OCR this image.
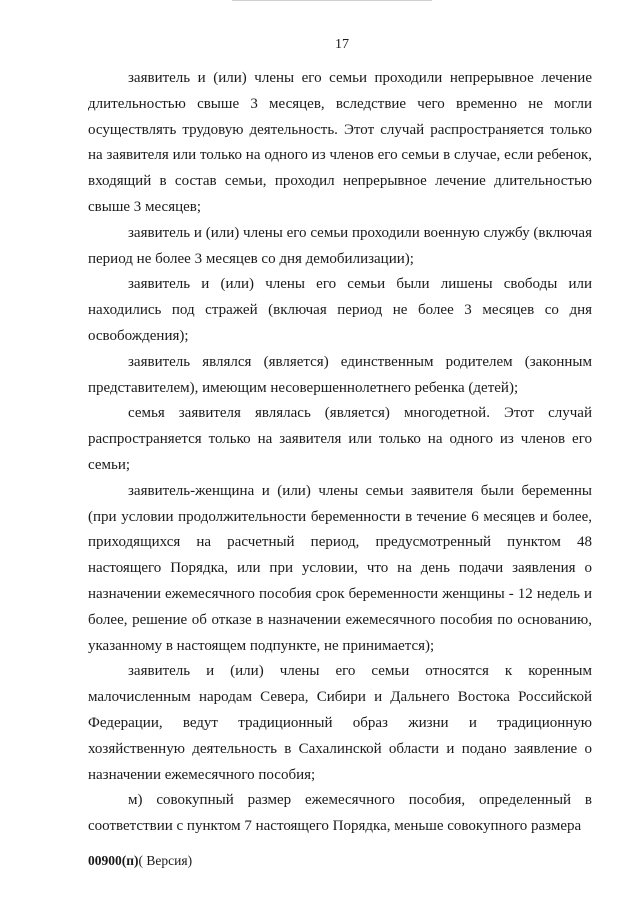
17

заявитель и (или) члены его семьи проходили непрерывное лечение длительностью свыше 3 месяцев, вследствие чего временно не могли осуществлять трудовую деятельность. Этот случай распространяется только на заявителя или только на одного из членов его семьи в случае, если ребенок, входящий в состав семьи, проходил непрерывное лечение длительностью свыше 3 месяцев;

заявитель и (или) члены его семьи проходили военную службу (включая период не более 3 месяцев со дня демобилизации);

заявитель и (или) члены его семьи были лишены свободы или находились под стражей (включая период не более 3 месяцев со дня освобождения);

заявитель являлся (является) единственным родителем (законным представителем), имеющим несовершеннолетнего ребенка (детей);

семья заявителя являлась (является) многодетной. Этот случай распространяется только на заявителя или только на одного из членов его семьи;

заявитель-женщина и (или) члены семьи заявителя были беременны (при условии продолжительности беременности в течение 6 месяцев и более, приходящихся на расчетный период, предусмотренный пунктом 48 настоящего Порядка, или при условии, что на день подачи заявления о назначении ежемесячного пособия срок беременности женщины - 12 недель и более, решение об отказе в назначении ежемесячного пособия по основанию, указанному в настоящем подпункте, не принимается);

заявитель и (или) члены его семьи относятся к коренным малочисленным народам Севера, Сибири и Дальнего Востока Российской Федерации, ведут традиционный образ жизни и традиционную хозяйственную деятельность в Сахалинской области и подано заявление о назначении ежемесячного пособия;

м) совокупный размер ежемесячного пособия, определенный в соответствии с пунктом 7 настоящего Порядка, меньше совокупного размера

00900(п)( Версия)
